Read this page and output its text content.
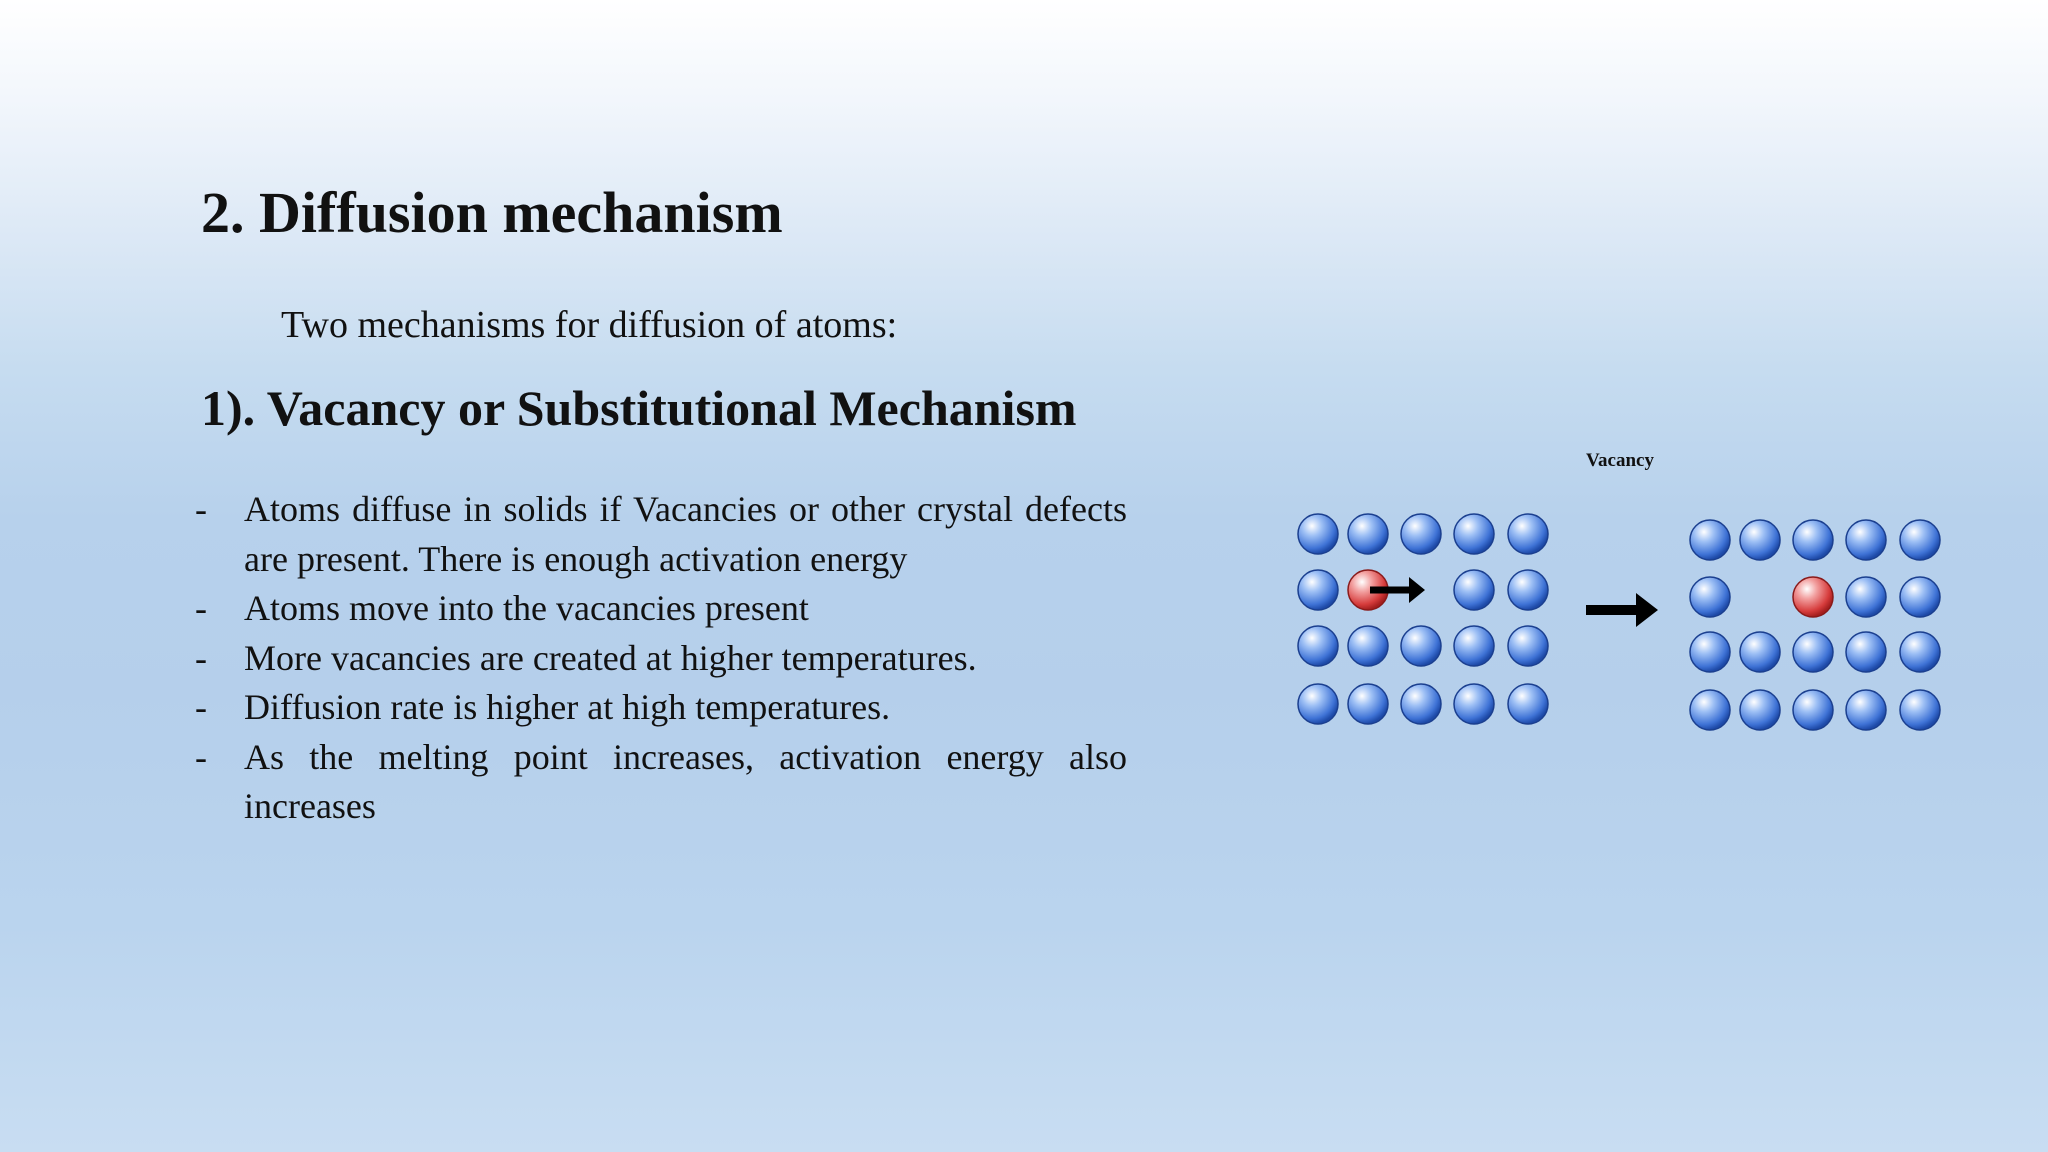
2. Diffusion mechanism

Two mechanisms for diffusion of atoms:

1). Vacancy or Substitutional Mechanism
-	Atoms diffuse in solids if Vacancies or other crystal defects are present. There is enough activation energy
-	Atoms move into the vacancies present
-	More vacancies are created at higher temperatures.
-	Diffusion rate is higher at high temperatures.
-	As the melting point increases, activation energy also increases
Vacancy
